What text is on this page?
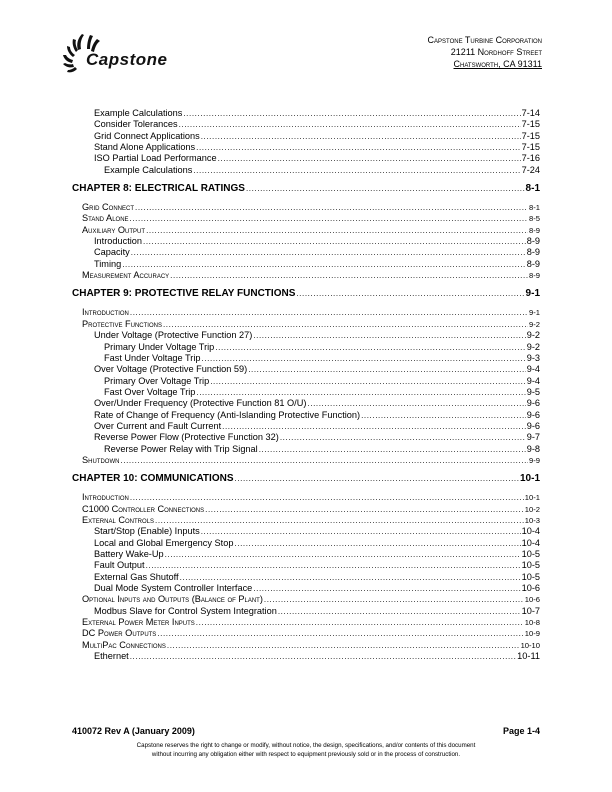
Capstone
Capstone Turbine Corporation
21211 Nordhoff Street
Chatsworth, CA 91311
Example Calculations .....	7-14
Consider Tolerances .....	7-15
Grid Connect Applications .....	7-15
Stand Alone Applications .....	7-15
ISO Partial Load Performance .....	7-16
Example Calculations .....	7-24
CHAPTER 8: ELECTRICAL RATINGS .....	8-1
Grid Connect .....	8-1
Stand Alone .....	8-5
Auxiliary Output .....	8-9
Introduction .....	8-9
Capacity .....	8-9
Timing .....	8-9
Measurement Accuracy .....	8-9
CHAPTER 9: PROTECTIVE RELAY FUNCTIONS .....	9-1
Introduction .....	9-1
Protective Functions .....	9-2
Under Voltage (Protective Function 27) .....	9-2
Primary Under Voltage Trip .....	9-2
Fast Under Voltage Trip .....	9-3
Over Voltage (Protective Function 59) .....	9-4
Primary Over Voltage Trip .....	9-4
Fast Over Voltage Trip .....	9-5
Over/Under Frequency (Protective Function 81 O/U) .....	9-6
Rate of Change of Frequency (Anti-Islanding Protective Function) .....	9-6
Over Current and Fault Current .....	9-6
Reverse Power Flow (Protective Function 32) .....	9-7
Reverse Power Relay with Trip Signal .....	9-8
Shutdown .....	9-9
CHAPTER 10: COMMUNICATIONS .....	10-1
Introduction .....	10-1
C1000 Controller Connections .....	10-2
External Controls .....	10-3
Start/Stop (Enable) Inputs .....	10-4
Local and Global Emergency Stop .....	10-4
Battery Wake-Up .....	10-5
Fault Output .....	10-5
External Gas Shutoff .....	10-5
Dual Mode System Controller Interface .....	10-6
Optional Inputs and Outputs (Balance of Plant) .....	10-6
Modbus Slave for Control System Integration .....	10-7
External Power Meter Inputs .....	10-8
DC Power Outputs .....	10-9
MultiPac Connections .....	10-10
Ethernet .....	10-11
410072 Rev A (January 2009)	Page 1-4
Capstone reserves the right to change or modify, without notice, the design, specifications, and/or contents of this document
without incurring any obligation either with respect to equipment previously sold or in the process of construction.
